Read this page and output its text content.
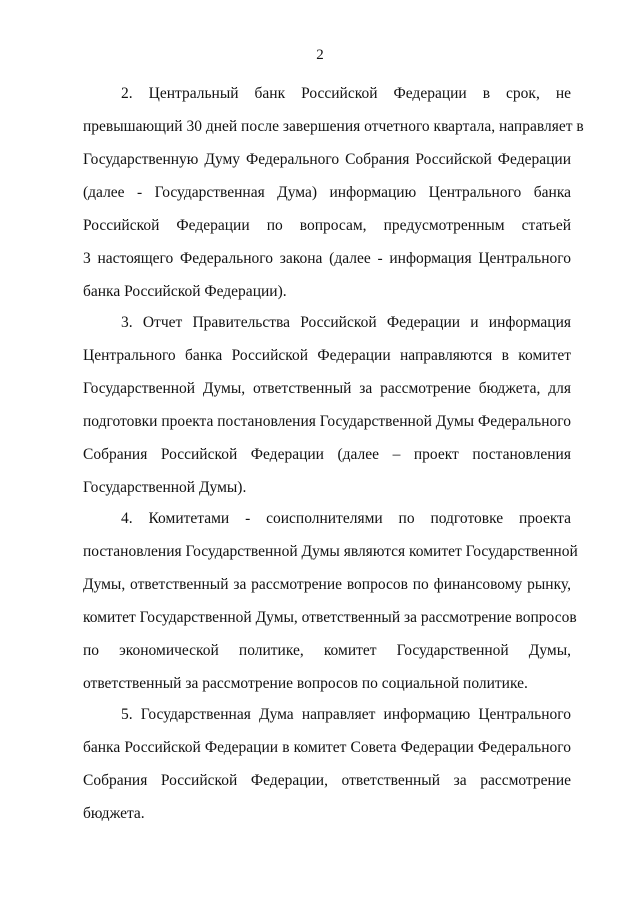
2
2. Центральный банк Российской Федерации в срок, не
превышающий 30 дней после завершения отчетного квартала, направляет в
Государственную Думу Федерального Собрания Российской Федерации
(далее - Государственная Дума) информацию Центрального банка
Российской Федерации по вопросам, предусмотренным статьей
3 настоящего Федерального закона (далее - информация Центрального
банка Российской Федерации).
3. Отчет Правительства Российской Федерации и информация
Центрального банка Российской Федерации направляются в комитет
Государственной Думы, ответственный за рассмотрение бюджета, для
подготовки проекта постановления Государственной Думы Федерального
Собрания Российской Федерации (далее – проект постановления
Государственной Думы).
4. Комитетами - соисполнителями по подготовке проекта
постановления Государственной Думы являются комитет Государственной
Думы, ответственный за рассмотрение вопросов по финансовому рынку,
комитет Государственной Думы, ответственный за рассмотрение вопросов
по экономической политике, комитет Государственной Думы,
ответственный за рассмотрение вопросов по социальной политике.
5. Государственная Дума направляет информацию Центрального
банка Российской Федерации в комитет Совета Федерации Федерального
Собрания Российской Федерации, ответственный за рассмотрение
бюджета.
